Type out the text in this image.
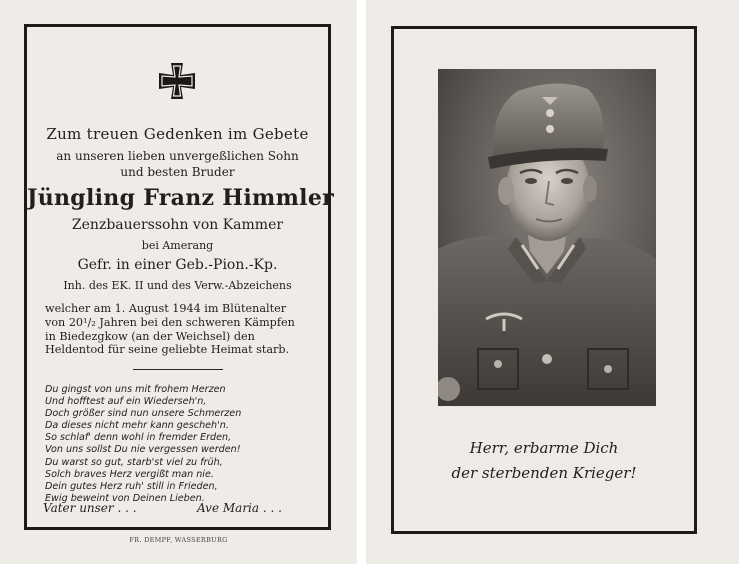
Zum treuen Gedenken im Gebete
an unseren lieben unvergeßlichen Sohn
und besten Bruder
Jüngling Franz Himmler
Zenzbauerssohn von Kammer
bei Amerang
Gefr. in einer Geb.-Pion.-Kp.
Inh. des EK. II und des Verw.-Abzeichens
welcher am 1. August 1944 im Blütenalter
von 20¹/₂ Jahren bei den schweren Kämpfen
in Biedezgkow (an der Weichsel) den
Heldentod für seine geliebte Heimat starb.
Du gingst von uns mit frohem Herzen
Und hofftest auf ein Wiederseh'n,
Doch größer sind nun unsere Schmerzen
Da dieses nicht mehr kann gescheh'n.
So schlaf' denn wohl in fremder Erden,
Von uns sollst Du nie vergessen werden!
Du warst so gut, starb'st viel zu früh,
Solch braves Herz vergißt man nie.
Dein gutes Herz ruh' still in Frieden,
Ewig beweint von Deinen Lieben.
Vater unser . . .	Ave Maria . . .
FR. DEMPF, WASSERBURG
Herr, erbarme Dich
der sterbenden Krieger!
